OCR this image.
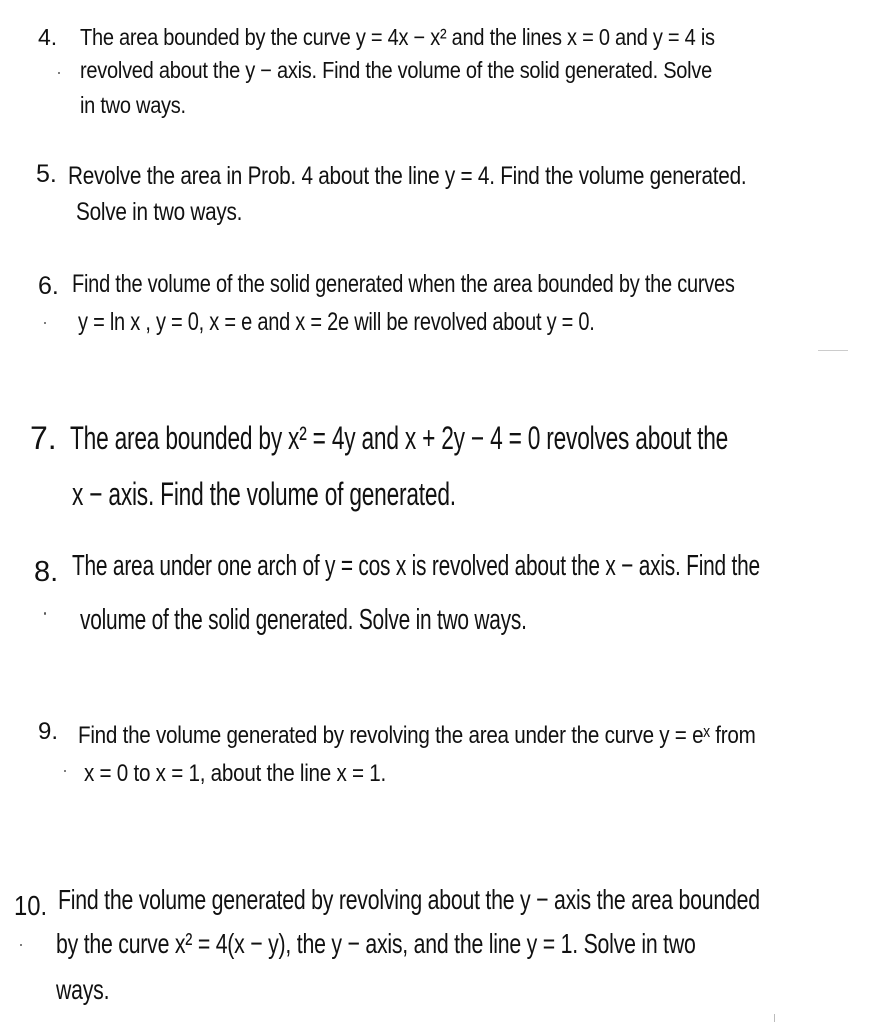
4. The area bounded by the curve y = 4x − x² and the lines x = 0 and y = 4 is
revolved about the y − axis. Find the volume of the solid generated. Solve
in two ways.
5. Revolve the area in Prob. 4 about the line y = 4. Find the volume generated.
Solve in two ways.
6. Find the volume of the solid generated when the area bounded by the curves
y = ln x , y = 0, x = e and x = 2e will be revolved about y = 0.
7. The area bounded by x² = 4y and x + 2y − 4 = 0 revolves about the
x − axis. Find the volume of generated.
8. The area under one arch of y = cos x is revolved about the x − axis. Find the
volume of the solid generated. Solve in two ways.
9. Find the volume generated by revolving the area under the curve y = eˣ from
x = 0 to x = 1, about the line x = 1.
10. Find the volume generated by revolving about the y − axis the area bounded
by the curve x² = 4(x − y), the y − axis, and the line y = 1. Solve in two
ways.
